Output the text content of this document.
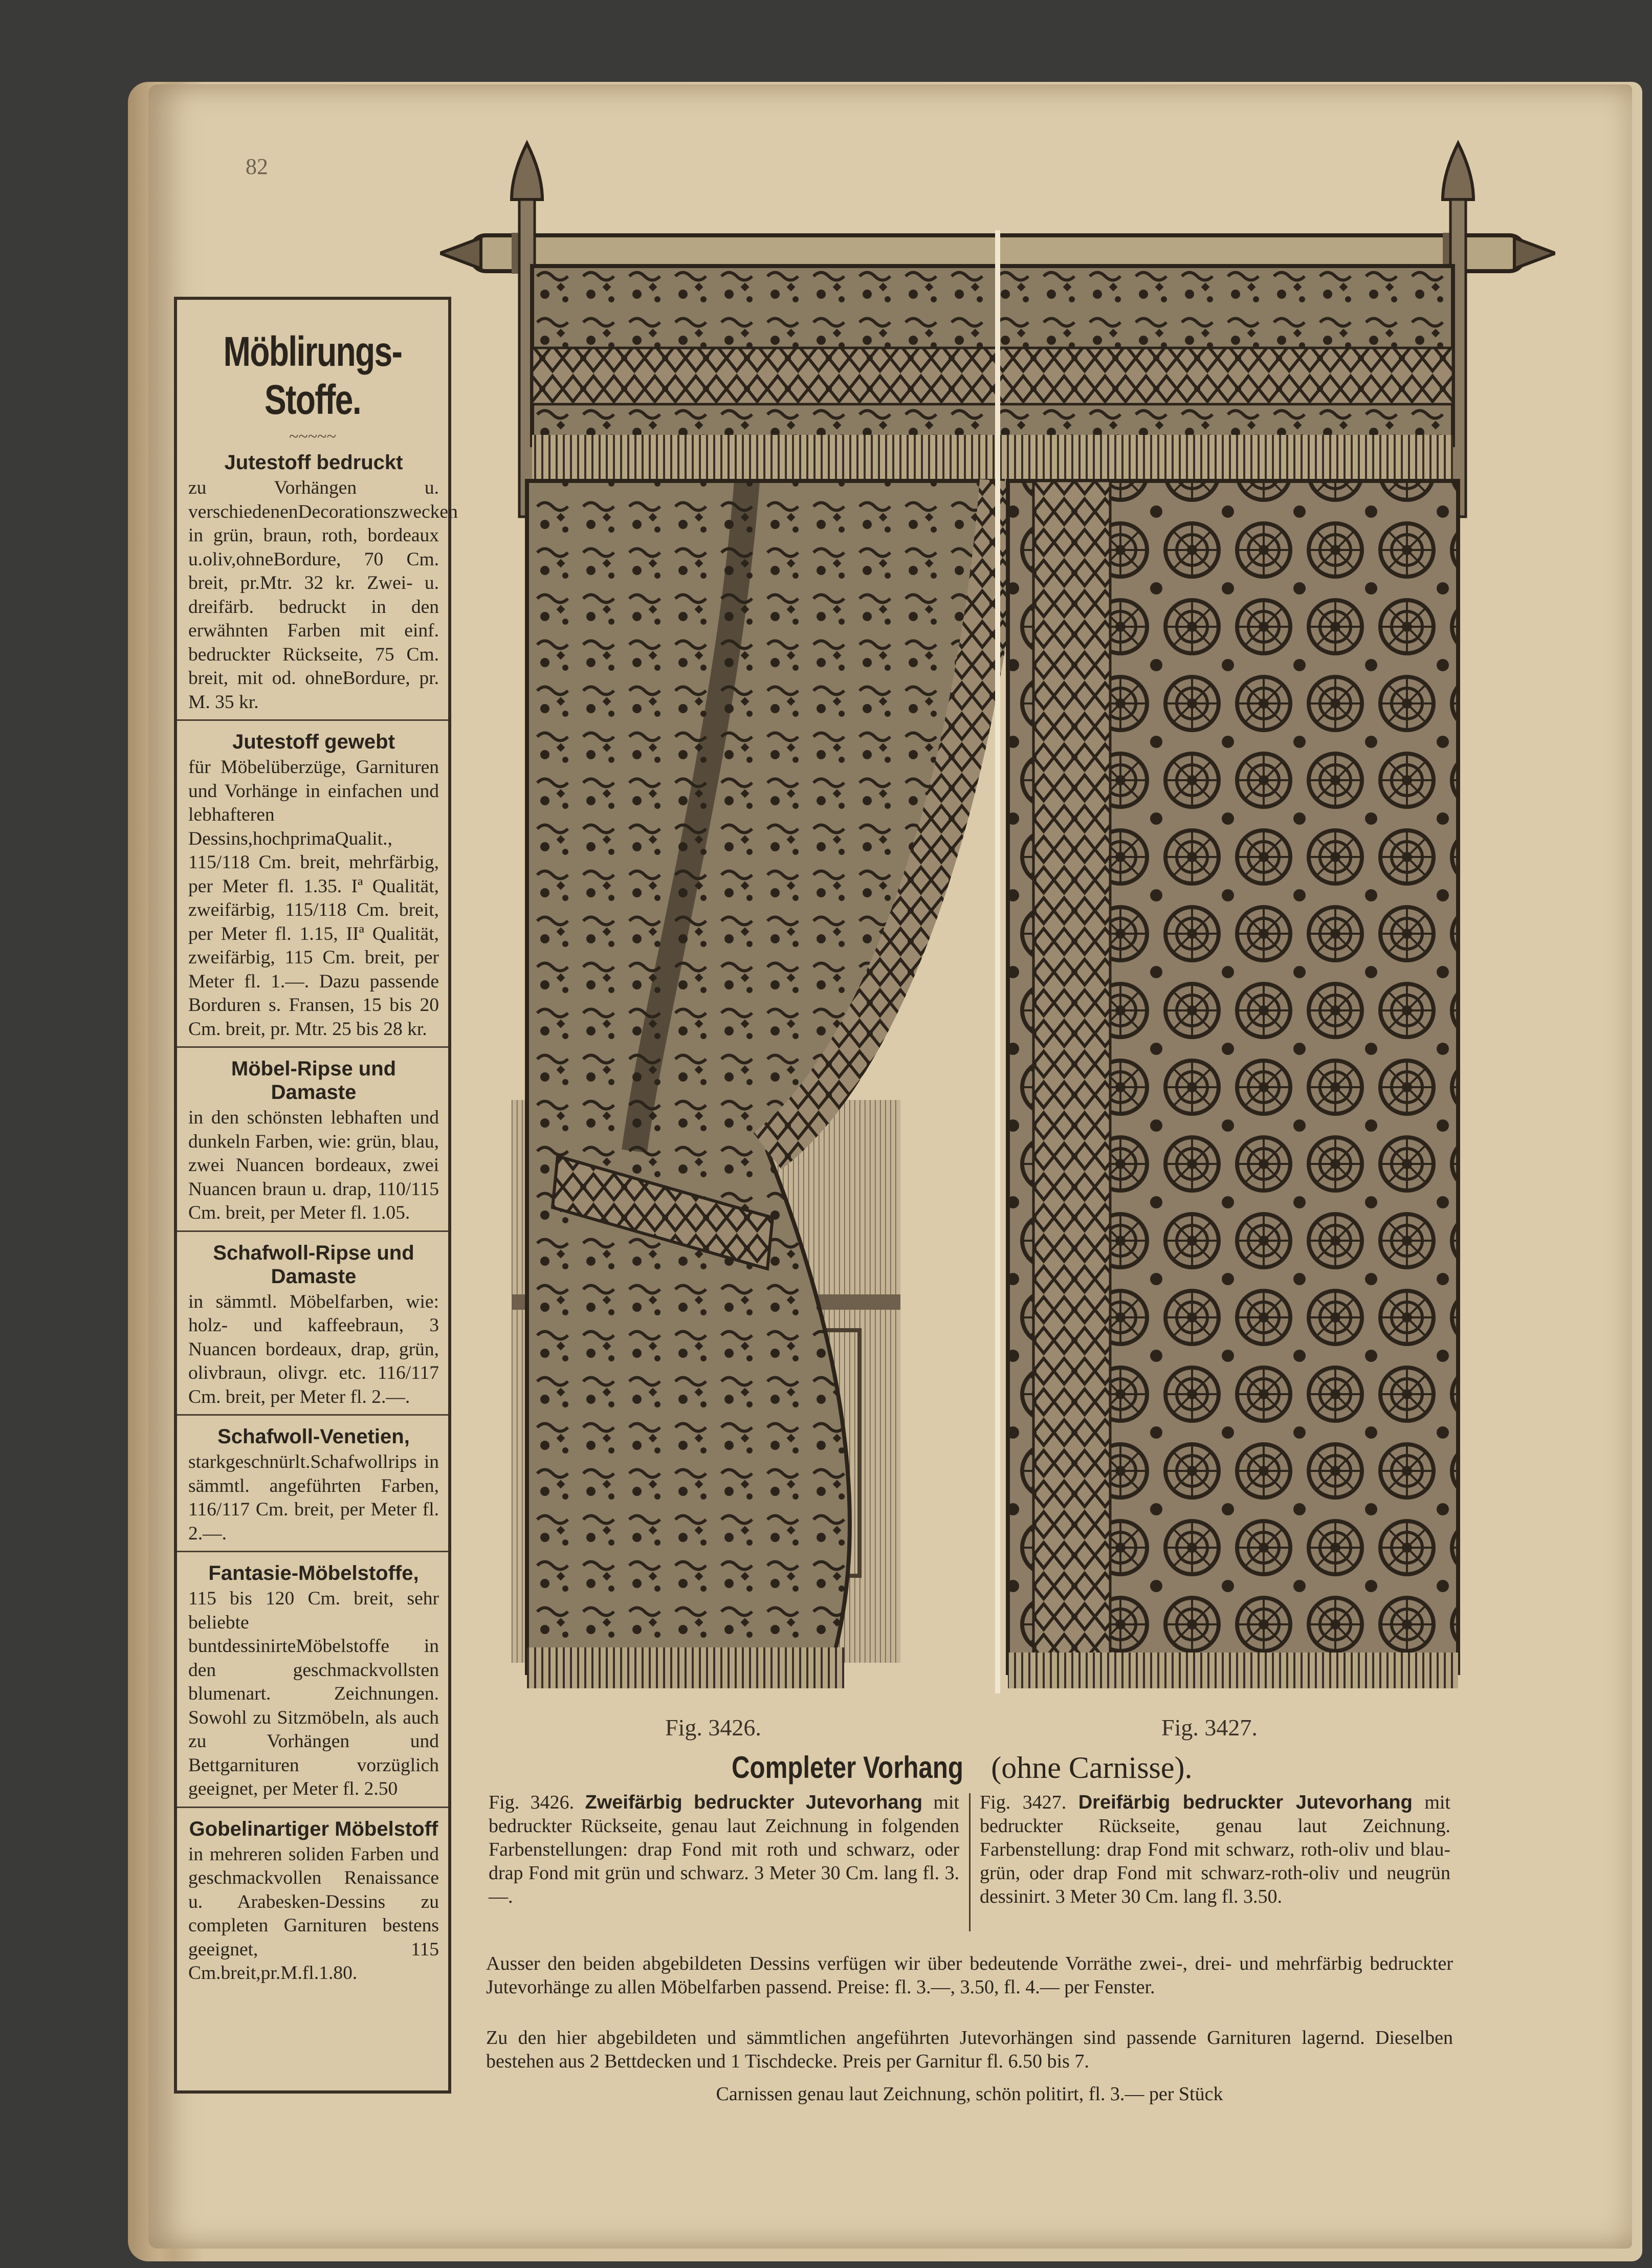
82
Möblirungs-Stoffe.
~~~~~
Jutestoff bedruckt
zu Vorhängen u. verschiedenenDecorationszwecken in grün, braun, roth, bordeaux u.oliv,ohneBordure, 70 Cm. breit, pr.Mtr. 32 kr. Zwei- u. dreifärb. bedruckt in den erwähnten Farben mit einf. bedruckter Rückseite, 75 Cm. breit, mit od. ohneBordure, pr. M. 35 kr.
Jutestoff gewebt
für Möbelüberzüge, Garnituren und Vorhänge in einfachen und lebhafteren Dessins,hochprimaQualit., 115/118 Cm. breit, mehrfärbig, per Meter fl. 1.35. Iª Qualität, zweifärbig, 115/118 Cm. breit, per Meter fl. 1.15, IIª Qualität, zweifärbig, 115 Cm. breit, per Meter fl. 1.—. Dazu passende Borduren s. Fransen, 15 bis 20 Cm. breit, pr. Mtr. 25 bis 28 kr.
Möbel-Ripse und Damaste
in den schönsten lebhaften und dunkeln Farben, wie: grün, blau, zwei Nuancen bordeaux, zwei Nuancen braun u. drap, 110/115 Cm. breit, per Meter fl. 1.05.
Schafwoll-Ripse und Damaste
in sämmtl. Möbelfarben, wie: holz- und kaffeebraun, 3 Nuancen bordeaux, drap, grün, olivbraun, olivgr. etc. 116/117 Cm. breit, per Meter fl. 2.—.
Schafwoll-Venetien,
starkgeschnürlt.Schafwollrips in sämmtl. angeführten Farben, 116/117 Cm. breit, per Meter fl. 2.—.
Fantasie-Möbelstoffe,
115 bis 120 Cm. breit, sehr beliebte buntdessinirteMöbelstoffe in den geschmackvollsten blumenart. Zeichnungen. Sowohl zu Sitzmöbeln, als auch zu Vorhängen und Bettgarnituren vorzüglich geeignet, per Meter fl. 2.50
Gobelinartiger Möbelstoff
in mehreren soliden Farben und geschmackvollen Renaissance u. Arabesken-Dessins zu completen Garnituren bestens geeignet, 115 Cm.breit,pr.M.fl.1.80.
Fig. 3426.	Fig. 3427.
Completer Vorhang (ohne Carnisse).
Fig. 3426. Zweifärbig bedruckter Jutevorhang mit bedruckter Rückseite, genau laut Zeichnung in folgenden Farbenstellungen: drap Fond mit roth und schwarz, oder drap Fond mit grün und schwarz. 3 Meter 30 Cm. lang fl. 3.—.
Fig. 3427. Dreifärbig bedruckter Jutevorhang mit bedruckter Rückseite, genau laut Zeichnung. Farbenstellung: drap Fond mit schwarz, roth-oliv und blau-grün, oder drap Fond mit schwarz-roth-oliv und neugrün dessinirt. 3 Meter 30 Cm. lang fl. 3.50.
Ausser den beiden abgebildeten Dessins verfügen wir über bedeutende Vorräthe zwei-, drei- und mehrfärbig bedruckter Jutevorhänge zu allen Möbelfarben passend. Preise: fl. 3.—, 3.50, fl. 4.— per Fenster.
Zu den hier abgebildeten und sämmtlichen angeführten Jutevorhängen sind passende Garnituren lagernd. Dieselben bestehen aus 2 Bettdecken und 1 Tischdecke. Preis per Garnitur fl. 6.50 bis 7.
Carnissen genau laut Zeichnung, schön politirt, fl. 3.— per Stück
